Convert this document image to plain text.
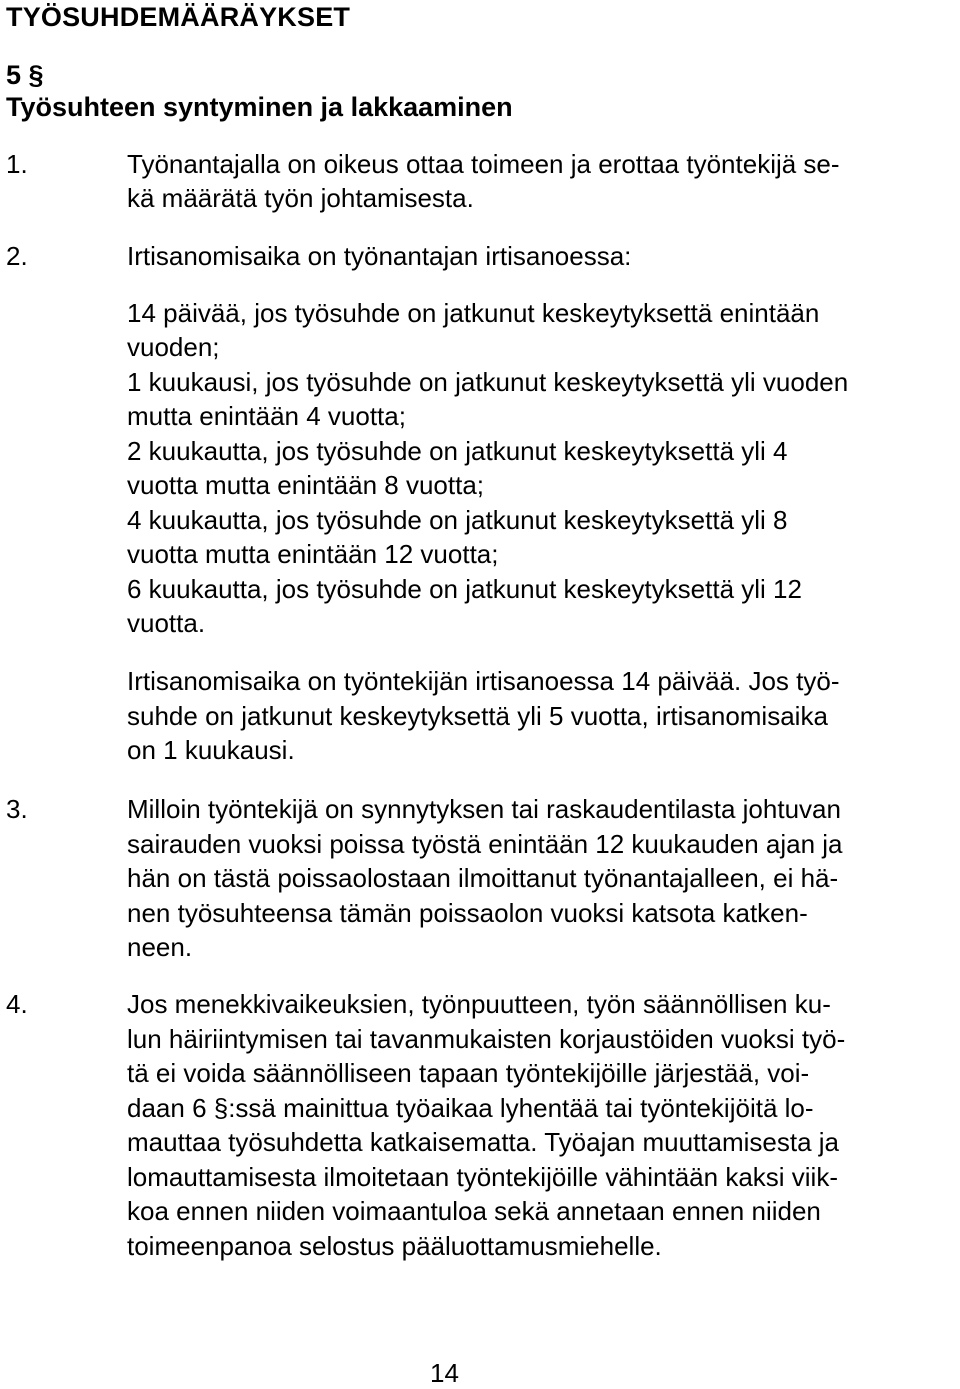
TYÖSUHDEMÄÄRÄYKSET
5 §
Työsuhteen syntyminen ja lakkaaminen
1.	Työnantajalla on oikeus ottaa toimeen ja erottaa työntekijä se-
kä määrätä työn johtamisesta.
2.	Irtisanomisaika on työnantajan irtisanoessa:
14 päivää, jos työsuhde on jatkunut keskeytyksettä enintään
vuoden;
1 kuukausi, jos työsuhde on jatkunut keskeytyksettä yli vuoden
mutta enintään 4 vuotta;
2 kuukautta, jos työsuhde on jatkunut keskeytyksettä yli 4
vuotta mutta enintään 8 vuotta;
4 kuukautta, jos työsuhde on jatkunut keskeytyksettä yli 8
vuotta mutta enintään 12 vuotta;
6 kuukautta, jos työsuhde on jatkunut keskeytyksettä yli 12
vuotta.
Irtisanomisaika on työntekijän irtisanoessa 14 päivää. Jos työ-
suhde on jatkunut keskeytyksettä yli 5 vuotta, irtisanomisaika
on 1 kuukausi.
3.	Milloin työntekijä on synnytyksen tai raskaudentilasta johtuvan
sairauden vuoksi poissa työstä enintään 12 kuukauden ajan ja
hän on tästä poissaolostaan ilmoittanut työnantajalleen, ei hä-
nen työsuhteensa tämän poissaolon vuoksi katsota katken-
neen.
4.	Jos menekkivaikeuksien, työnpuutteen, työn säännöllisen ku-
lun häiriintymisen tai tavanmukaisten korjaustöiden vuoksi työ-
tä ei voida säännölliseen tapaan työntekijöille järjestää, voi-
daan 6 §:ssä mainittua työaikaa lyhentää tai työntekijöitä lo-
mauttaa työsuhdetta katkaisematta. Työajan muuttamisesta ja
lomauttamisesta ilmoitetaan työntekijöille vähintään kaksi viik-
koa ennen niiden voimaantuloa sekä annetaan ennen niiden
toimeenpanoa selostus pääluottamusmiehelle.
14
